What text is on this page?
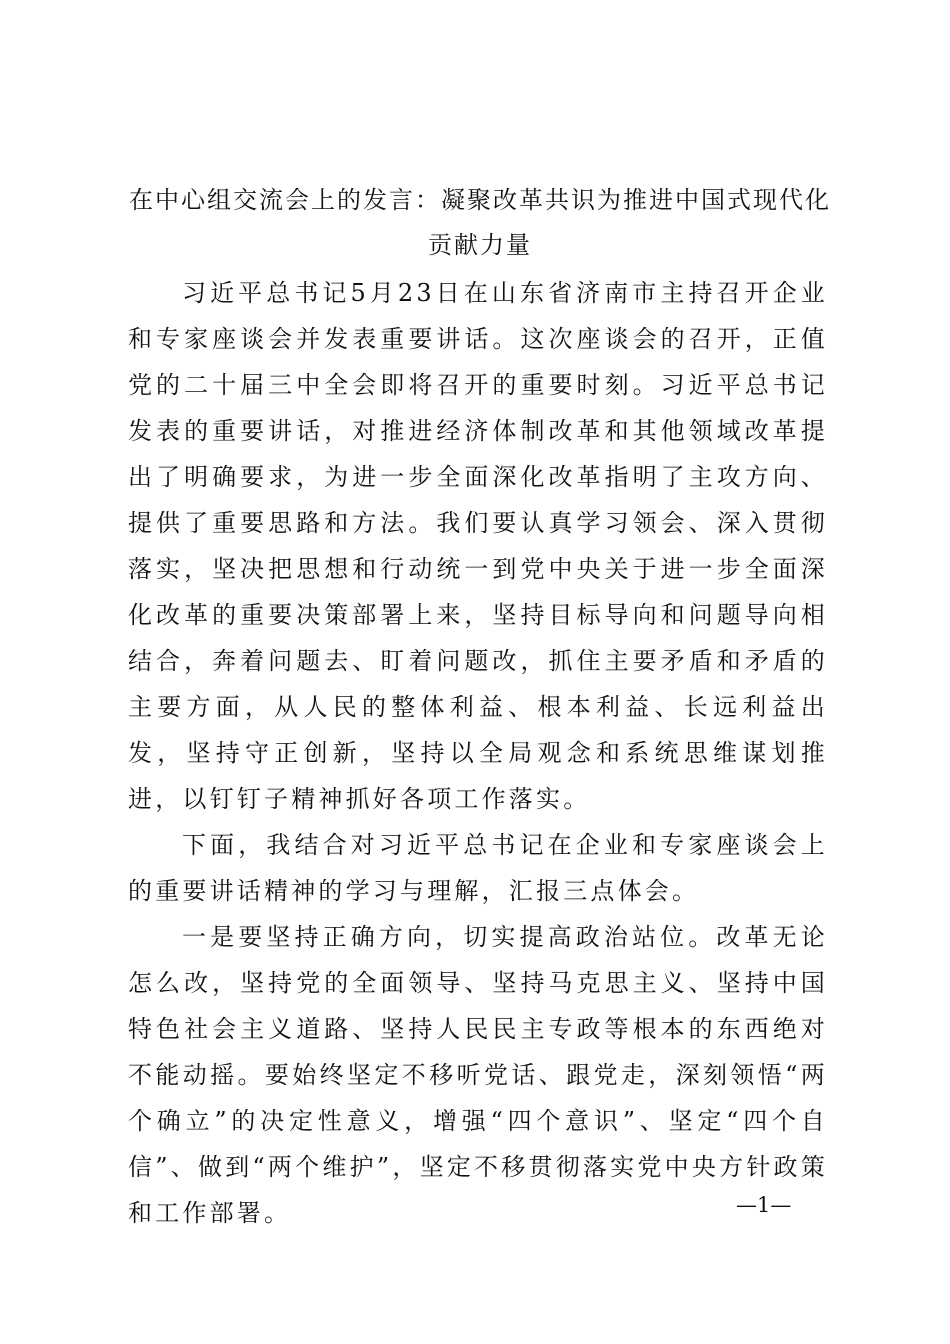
在中心组交流会上的发言：凝聚改革共识为推进中国式现代化贡献力量

习近平总书记5月23日在山东省济南市主持召开企业和专家座谈会并发表重要讲话。这次座谈会的召开，正值党的二十届三中全会即将召开的重要时刻。习近平总书记发表的重要讲话，对推进经济体制改革和其他领域改革提出了明确要求，为进一步全面深化改革指明了主攻方向、提供了重要思路和方法。我们要认真学习领会、深入贯彻落实，坚决把思想和行动统一到党中央关于进一步全面深化改革的重要决策部署上来，坚持目标导向和问题导向相结合，奔着问题去、盯着问题改，抓住主要矛盾和矛盾的主要方面，从人民的整体利益、根本利益、长远利益出发，坚持守正创新，坚持以全局观念和系统思维谋划推进，以钉钉子精神抓好各项工作落实。

下面，我结合对习近平总书记在企业和专家座谈会上的重要讲话精神的学习与理解，汇报三点体会。

一是要坚持正确方向，切实提高政治站位。改革无论怎么改，坚持党的全面领导、坚持马克思主义、坚持中国特色社会主义道路、坚持人民民主专政等根本的东西绝对不能动摇。要始终坚定不移听党话、跟党走，深刻领悟“两个确立”的决定性意义，增强“四个意识”、坚定“四个自信”、做到“两个维护”，坚定不移贯彻落实党中央方针政策和工作部署。	—1—
